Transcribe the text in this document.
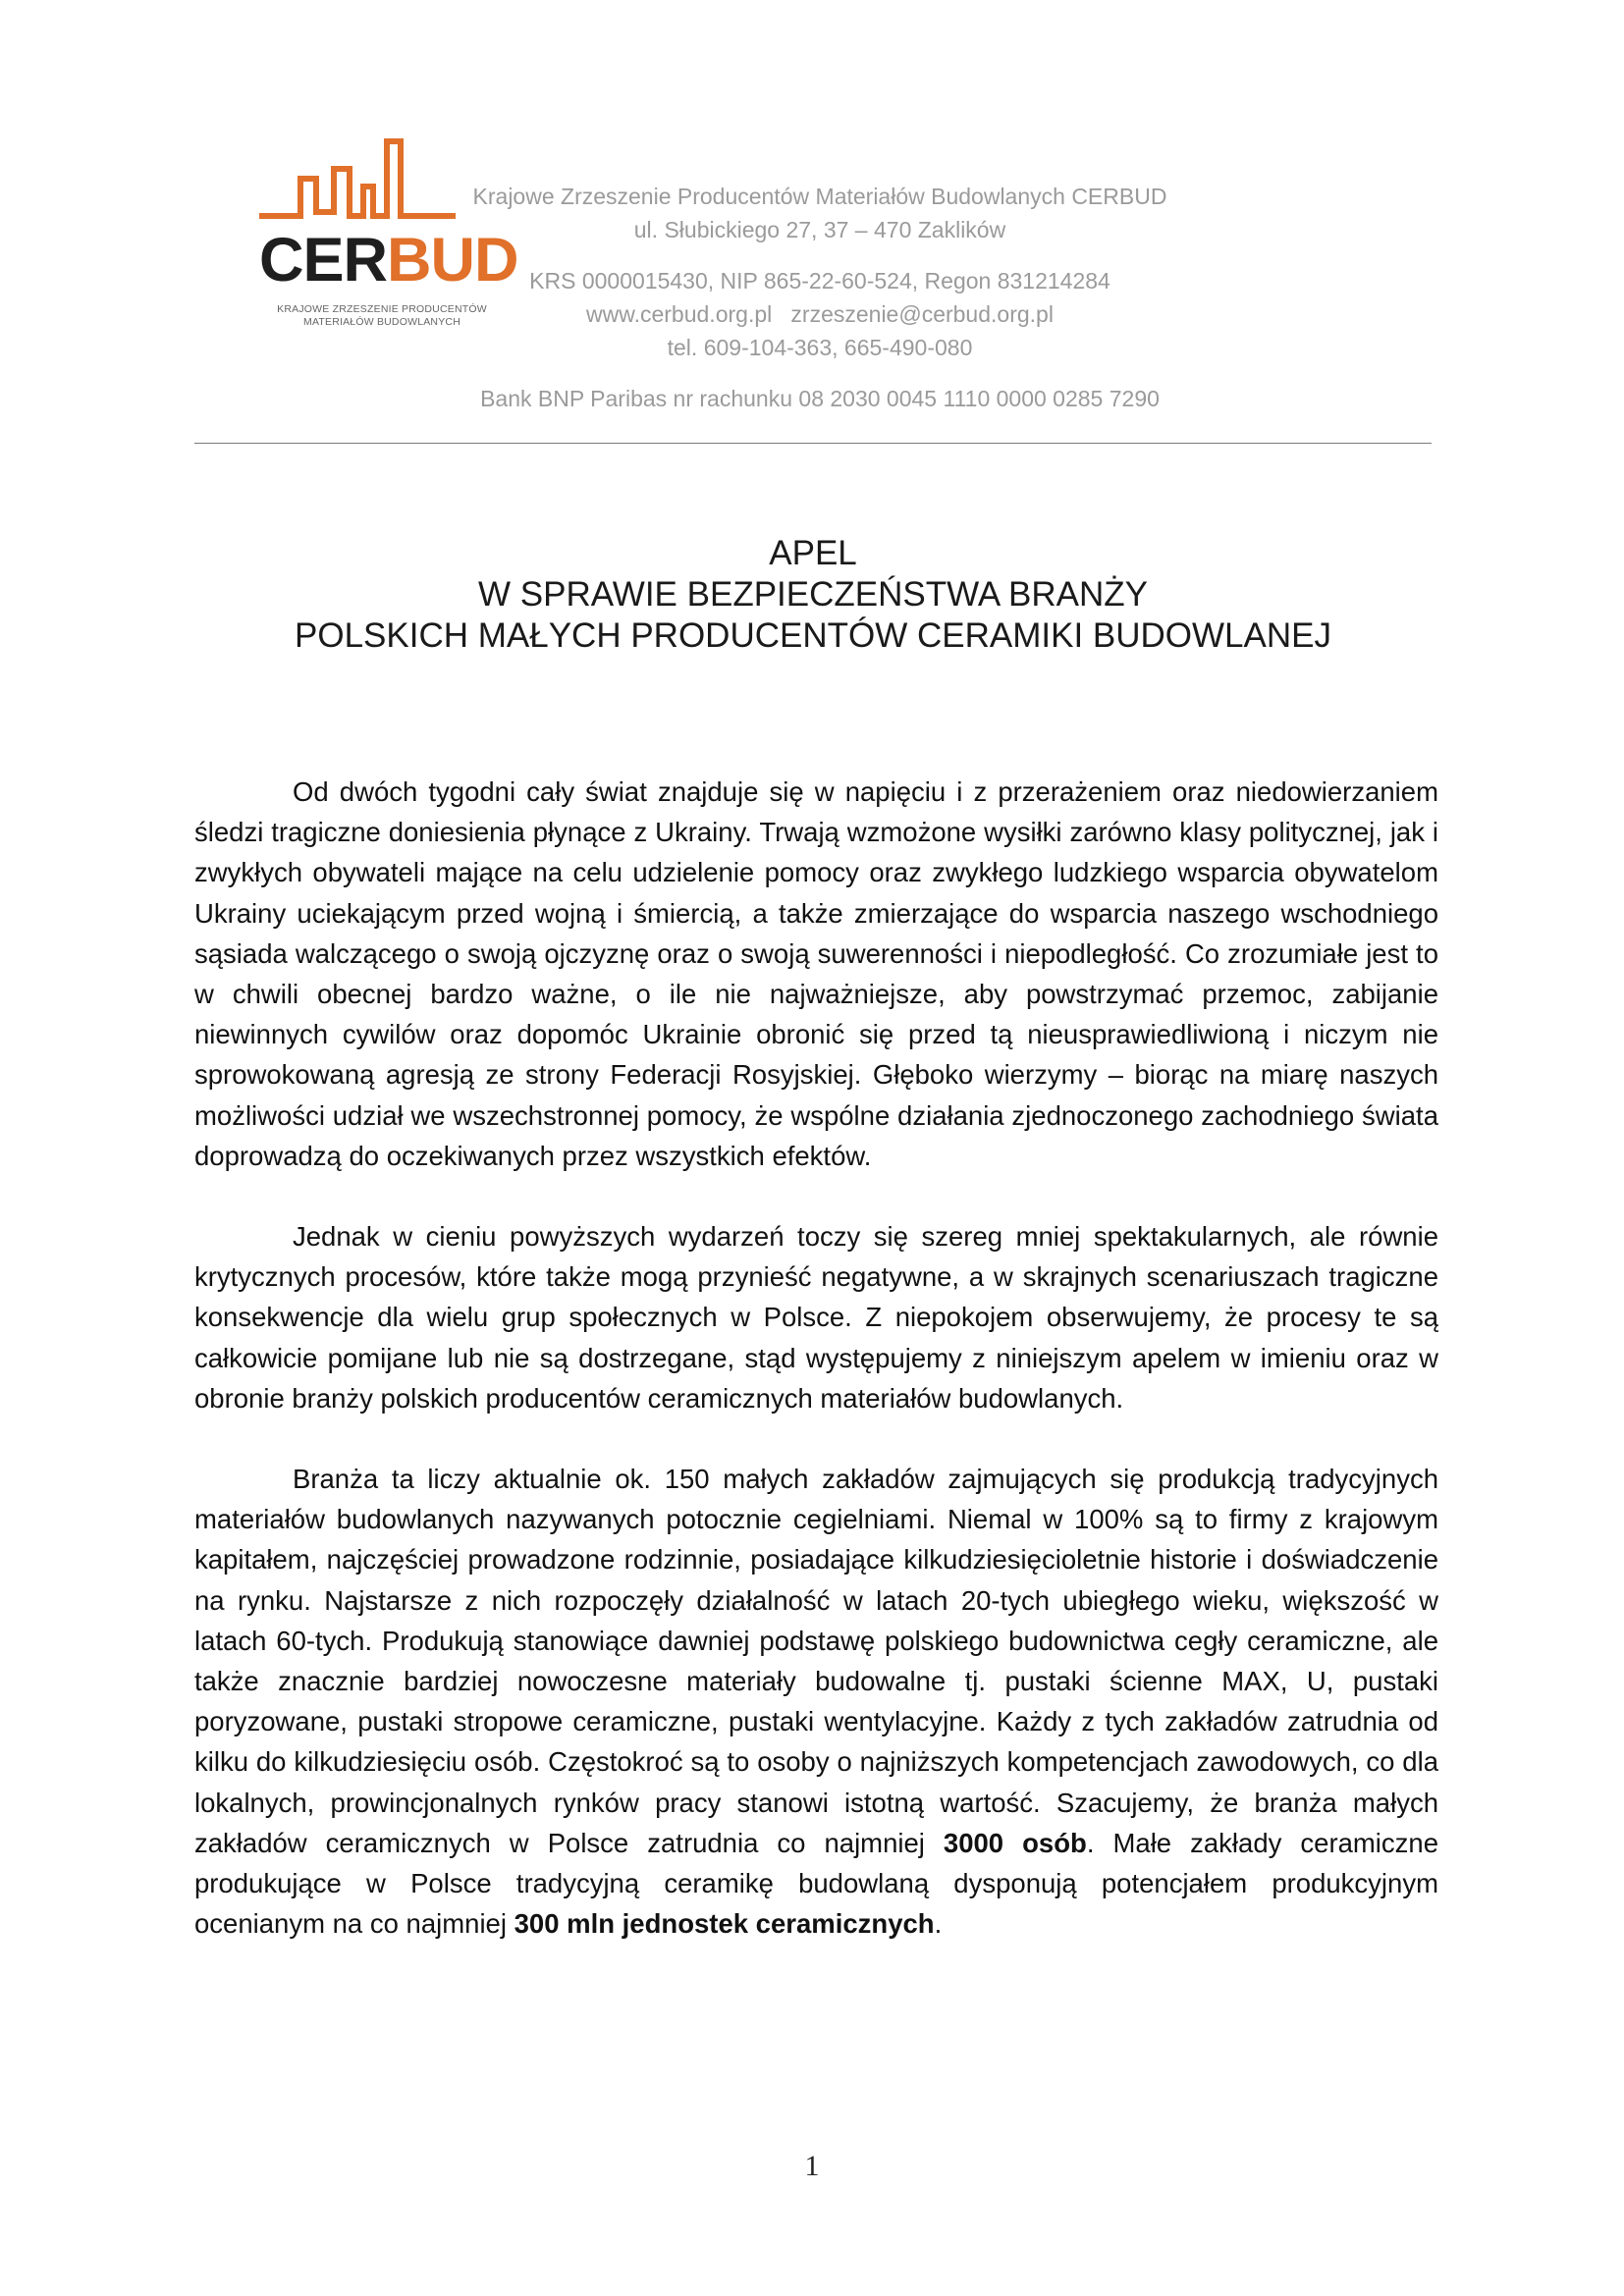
CERBUD
KRAJOWE ZRZESZENIE PRODUCENTÓW
MATERIAŁÓW BUDOWLANYCH
Krajowe Zrzeszenie Producentów Materiałów Budowlanych CERBUD
ul. Słubickiego 27, 37 – 470 Zaklików
KRS 0000015430, NIP 865-22-60-524, Regon 831214284
www.cerbud.org.pl zrzeszenie@cerbud.org.pl
tel. 609-104-363, 665-490-080
Bank BNP Paribas nr rachunku 08 2030 0045 1110 0000 0285 7290
APEL
W SPRAWIE BEZPIECZEŃSTWA BRANŻY
POLSKICH MAŁYCH PRODUCENTÓW CERAMIKI BUDOWLANEJ

Od dwóch tygodni cały świat znajduje się w napięciu i z przerażeniem oraz niedowierzaniem śledzi tragiczne doniesienia płynące z Ukrainy. Trwają wzmożone wysiłki zarówno klasy politycznej, jak i zwykłych obywateli mające na celu udzielenie pomocy oraz zwykłego ludzkiego wsparcia obywatelom Ukrainy uciekającym przed wojną i śmiercią, a także zmierzające do wsparcia naszego wschodniego sąsiada walczącego o swoją ojczyznę oraz o swoją suwerenności i niepodległość. Co zrozumiałe jest to w chwili obecnej bardzo ważne, o ile nie najważniejsze, aby powstrzymać przemoc, zabijanie niewinnych cywilów oraz dopomóc Ukrainie obronić się przed tą nieusprawiedliwioną i niczym nie sprowokowaną agresją ze strony Federacji Rosyjskiej. Głęboko wierzymy – biorąc na miarę naszych możliwości udział we wszechstronnej pomocy, że wspólne działania zjednoczonego zachodniego świata doprowadzą do oczekiwanych przez wszystkich efektów.

Jednak w cieniu powyższych wydarzeń toczy się szereg mniej spektakularnych, ale równie krytycznych procesów, które także mogą przynieść negatywne, a w skrajnych scenariuszach tragiczne konsekwencje dla wielu grup społecznych w Polsce. Z niepokojem obserwujemy, że procesy te są całkowicie pomijane lub nie są dostrzegane, stąd występujemy z niniejszym apelem w imieniu oraz w obronie branży polskich producentów ceramicznych materiałów budowlanych.

Branża ta liczy aktualnie ok. 150 małych zakładów zajmujących się produkcją tradycyjnych materiałów budowlanych nazywanych potocznie cegielniami. Niemal w 100% są to firmy z krajowym kapitałem, najczęściej prowadzone rodzinnie, posiadające kilkudziesięcioletnie historie i doświadczenie na rynku. Najstarsze z nich rozpoczęły działalność w latach 20-tych ubiegłego wieku, większość w latach 60-tych. Produkują stanowiące dawniej podstawę polskiego budownictwa cegły ceramiczne, ale także znacznie bardziej nowoczesne materiały budowalne tj. pustaki ścienne MAX, U, pustaki poryzowane, pustaki stropowe ceramiczne, pustaki wentylacyjne. Każdy z tych zakładów zatrudnia od kilku do kilkudziesięciu osób. Częstokroć są to osoby o najniższych kompetencjach zawodowych, co dla lokalnych, prowincjonalnych rynków pracy stanowi istotną wartość. Szacujemy, że branża małych zakładów ceramicznych w Polsce zatrudnia co najmniej 3000 osób. Małe zakłady ceramiczne produkujące w Polsce tradycyjną ceramikę budowlaną dysponują potencjałem produkcyjnym ocenianym na co najmniej 300 mln jednostek ceramicznych.

1
